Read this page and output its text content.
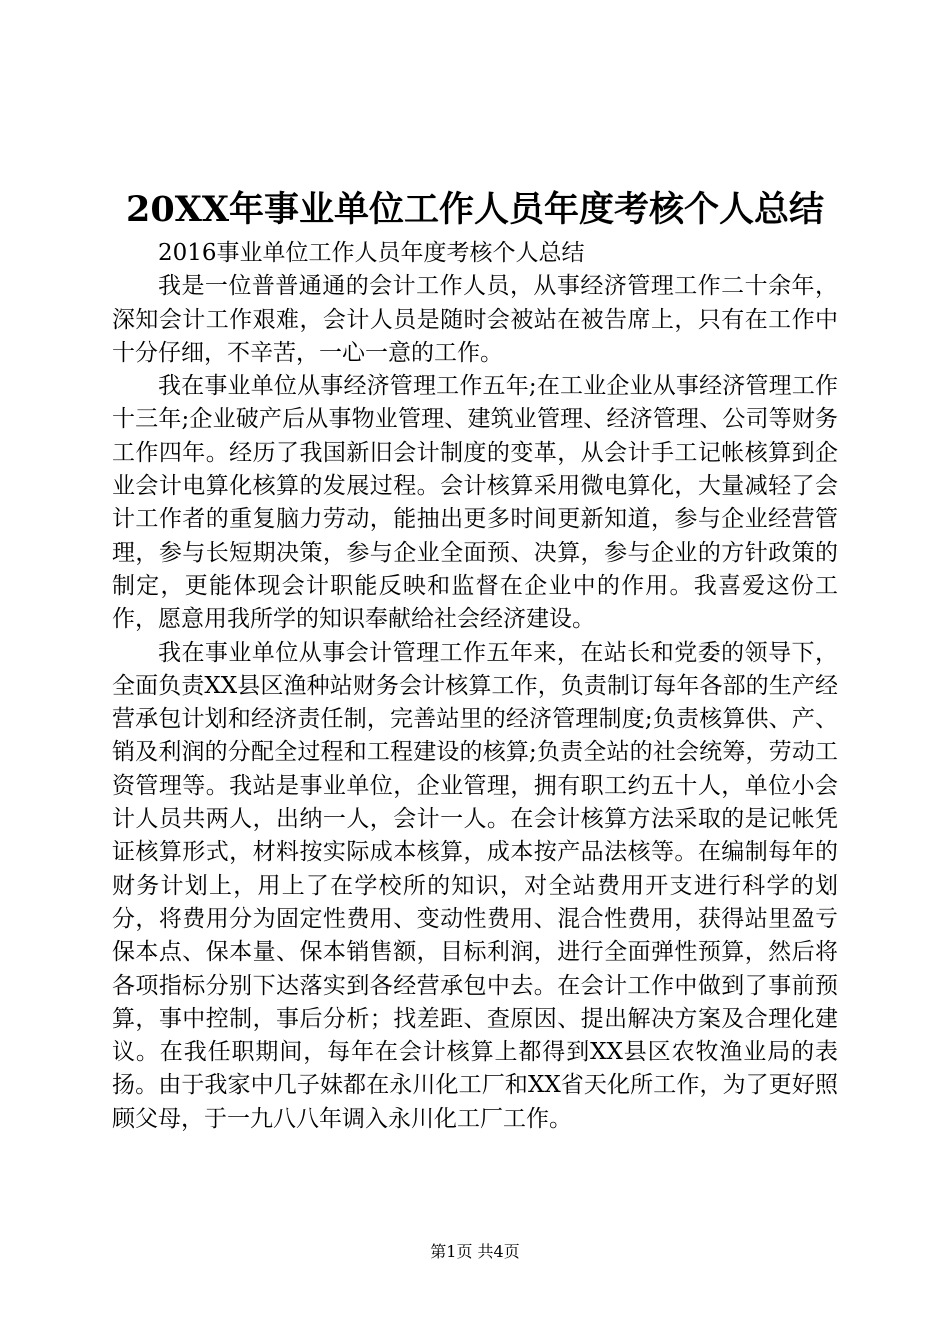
20XX年事业单位工作人员年度考核个人总结

2016事业单位工作人员年度考核个人总结

我是一位普普通通的会计工作人员，从事经济管理工作二十余年，深知会计工作艰难，会计人员是随时会被站在被告席上，只有在工作中十分仔细，不辛苦，一心一意的工作。

我在事业单位从事经济管理工作五年;在工业企业从事经济管理工作十三年;企业破产后从事物业管理、建筑业管理、经济管理、公司等财务工作四年。经历了我国新旧会计制度的变革，从会计手工记帐核算到企业会计电算化核算的发展过程。会计核算采用微电算化，大量减轻了会计工作者的重复脑力劳动，能抽出更多时间更新知道，参与企业经营管理，参与长短期决策，参与企业全面预、决算，参与企业的方针政策的制定，更能体现会计职能反映和监督在企业中的作用。我喜爱这份工作，愿意用我所学的知识奉献给社会经济建设。

我在事业单位从事会计管理工作五年来，在站长和党委的领导下，全面负责XX县区渔种站财务会计核算工作，负责制订每年各部的生产经营承包计划和经济责任制，完善站里的经济管理制度;负责核算供、产、销及利润的分配全过程和工程建设的核算;负责全站的社会统筹，劳动工资管理等。我站是事业单位，企业管理，拥有职工约五十人，单位小会计人员共两人，出纳一人，会计一人。在会计核算方法采取的是记帐凭证核算形式，材料按实际成本核算，成本按产品法核等。在编制每年的财务计划上，用上了在学校所的知识，对全站费用开支进行科学的划分，将费用分为固定性费用、变动性费用、混合性费用，获得站里盈亏保本点、保本量、保本销售额，目标利润，进行全面弹性预算，然后将各项指标分别下达落实到各经营承包中去。在会计工作中做到了事前预算，事中控制，事后分析；找差距、查原因、提出解决方案及合理化建议。在我任职期间，每年在会计核算上都得到XX县区农牧渔业局的表扬。由于我家中几子妹都在永川化工厂和XX省天化所工作，为了更好照顾父母，于一九八八年调入永川化工厂工作。

第1页 共4页
